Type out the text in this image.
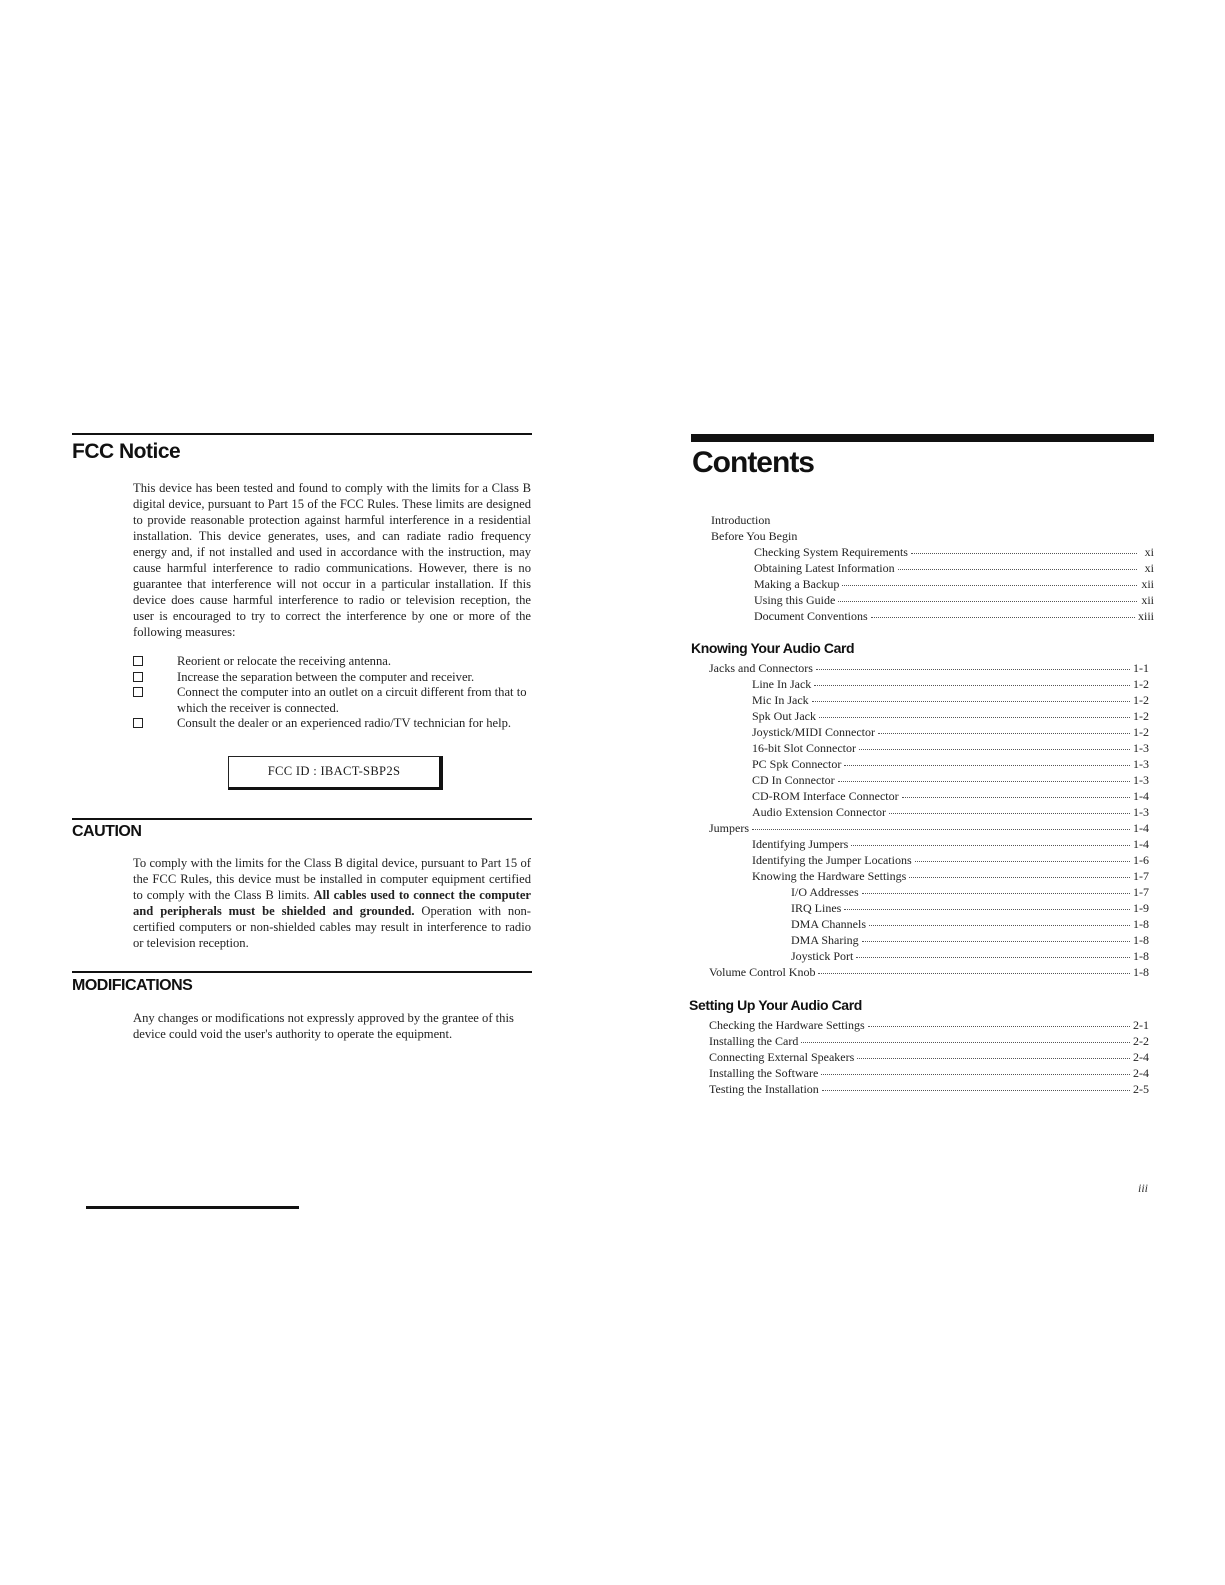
FCC Notice

This device has been tested and found to comply with the limits for a Class B digital device, pursuant to Part 15 of the FCC Rules. These limits are designed to provide reasonable protection against harmful interference in a residential installation. This device generates, uses, and can radiate radio frequency energy and, if not installed and used in accordance with the instruction, may cause harmful interference to radio communications. However, there is no guarantee that interference will not occur in a particular installation. If this device does cause harmful interference to radio or television reception, the user is encouraged to try to correct the interference by one or more of the following measures:

Reorient or relocate the receiving antenna.
Increase the separation between the computer and receiver.
Connect the computer into an outlet on a circuit different from that to which the receiver is connected.
Consult the dealer or an experienced radio/TV technician for help.
FCC ID : IBACT-SBP2S
CAUTION
To comply with the limits for the Class B digital device, pursuant to Part 15 of the FCC Rules, this device must be installed in computer equipment certified to comply with the Class B limits. All cables used to connect the computer and peripherals must be shielded and grounded. Operation with non-certified computers or non-shielded cables may result in interference to radio or television reception.
MODIFICATIONS
Any changes or modifications not expressly approved by the grantee of this device could void the user's authority to operate the equipment.
Contents
Introduction
Before You Begin
Checking System Requirements	xi
Obtaining Latest Information	xi
Making a Backup	xii
Using this Guide	xii
Document Conventions	xiii
Knowing Your Audio Card
Jacks and Connectors	1-1
Line In Jack	1-2
Mic In Jack	1-2
Spk Out Jack	1-2
Joystick/MIDI Connector	1-2
16-bit Slot Connector	1-3
PC Spk Connector	1-3
CD In Connector	1-3
CD-ROM Interface Connector	1-4
Audio Extension Connector	1-3
Jumpers	1-4
Identifying Jumpers	1-4
Identifying the Jumper Locations	1-6
Knowing the Hardware Settings	1-7
I/O Addresses	1-7
IRQ Lines	1-9
DMA Channels	1-8
DMA Sharing	1-8
Joystick Port	1-8
Volume Control Knob	1-8
Setting Up Your Audio Card
Checking the Hardware Settings	2-1
Installing the Card	2-2
Connecting External Speakers	2-4
Installing the Software	2-4
Testing the Installation	2-5
iii
